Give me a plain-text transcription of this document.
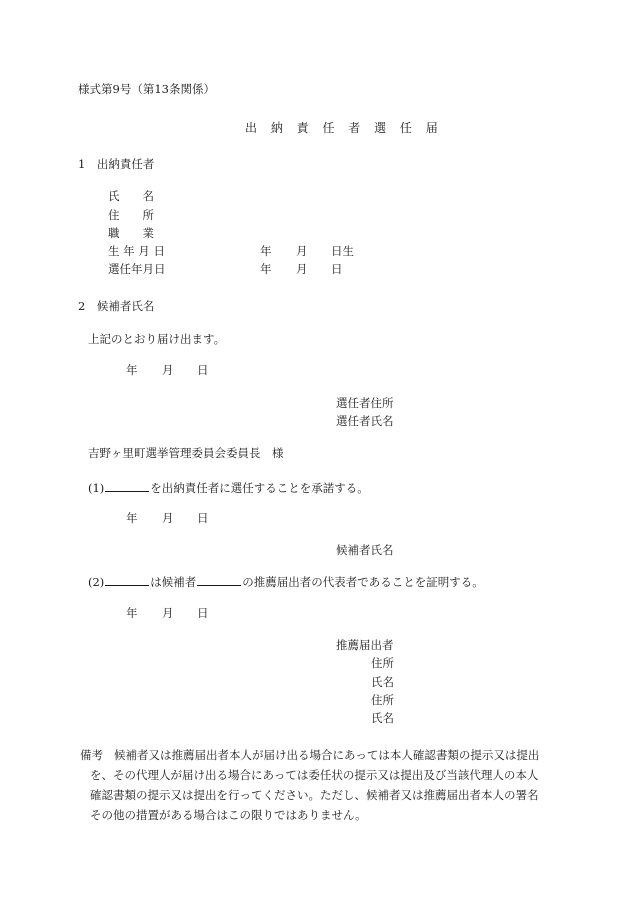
様式第9号（第13条関係）
出 納 責 任 者 選 任 届
1　出納責任者
氏　　名
住　　所
職　　業
生 年 月 日	年 月 日生
選任年月日	年 月 日
2　候補者氏名
上記のとおり届け出ます。
年 月 日
選任者住所
選任者氏名
吉野ヶ里町選挙管理委員会委員長　様
(1)	を出納責任者に選任することを承諾する。
年 月 日
候補者氏名
(2)	は候補者	の推薦届出者の代表者であることを証明する。
年 月 日
推薦届出者
住所
氏名
住所
氏名
備考 候補者又は推薦届出者本人が届け出る場合にあっては本人確認書類の提示又は提出
を、その代理人が届け出る場合にあっては委任状の提示又は提出及び当該代理人の本人
確認書類の提示又は提出を行ってください。ただし、候補者又は推薦届出者本人の署名
その他の措置がある場合はこの限りではありません。
